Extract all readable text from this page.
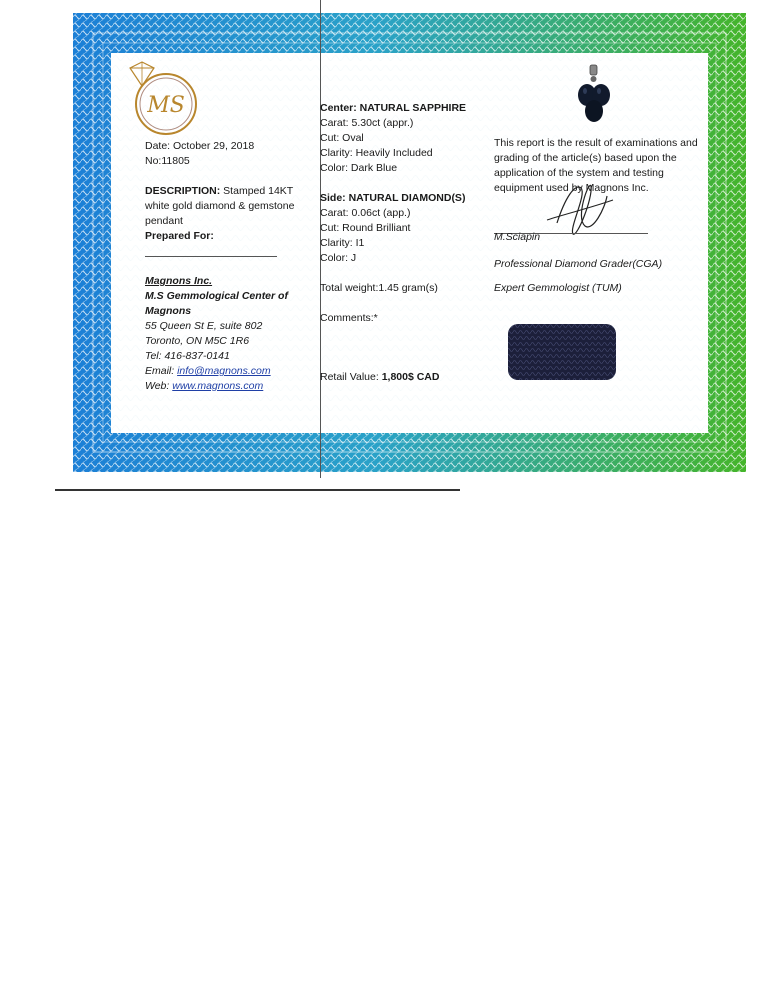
MS
Date: October 29, 2018
No:11805
DESCRIPTION: Stamped 14KT
white gold diamond & gemstone
pendant
Prepared For:
Magnons Inc.
M.S Gemmological Center of
Magnons
55 Queen St E, suite 802
Toronto, ON M5C 1R6
Tel: 416-837-0141
Email: info@magnons.com
Web: www.magnons.com
Center: NATURAL SAPPHIRE
Carat: 5.30ct (appr.)
Cut: Oval
Clarity: Heavily Included
Color: Dark Blue
Side: NATURAL DIAMOND(S)
Carat: 0.06ct (app.)
Cut: Round Brilliant
Clarity: I1
Color: J
Total weight:1.45 gram(s)
Comments:*
Retail Value: 1,800$ CAD
This report is the result of examinations and
grading of the article(s) based upon the
application of the system and testing
equipment used by Magnons Inc.
M.Sciapin
Professional Diamond Grader(CGA)
Expert Gemmologist (TUM)
